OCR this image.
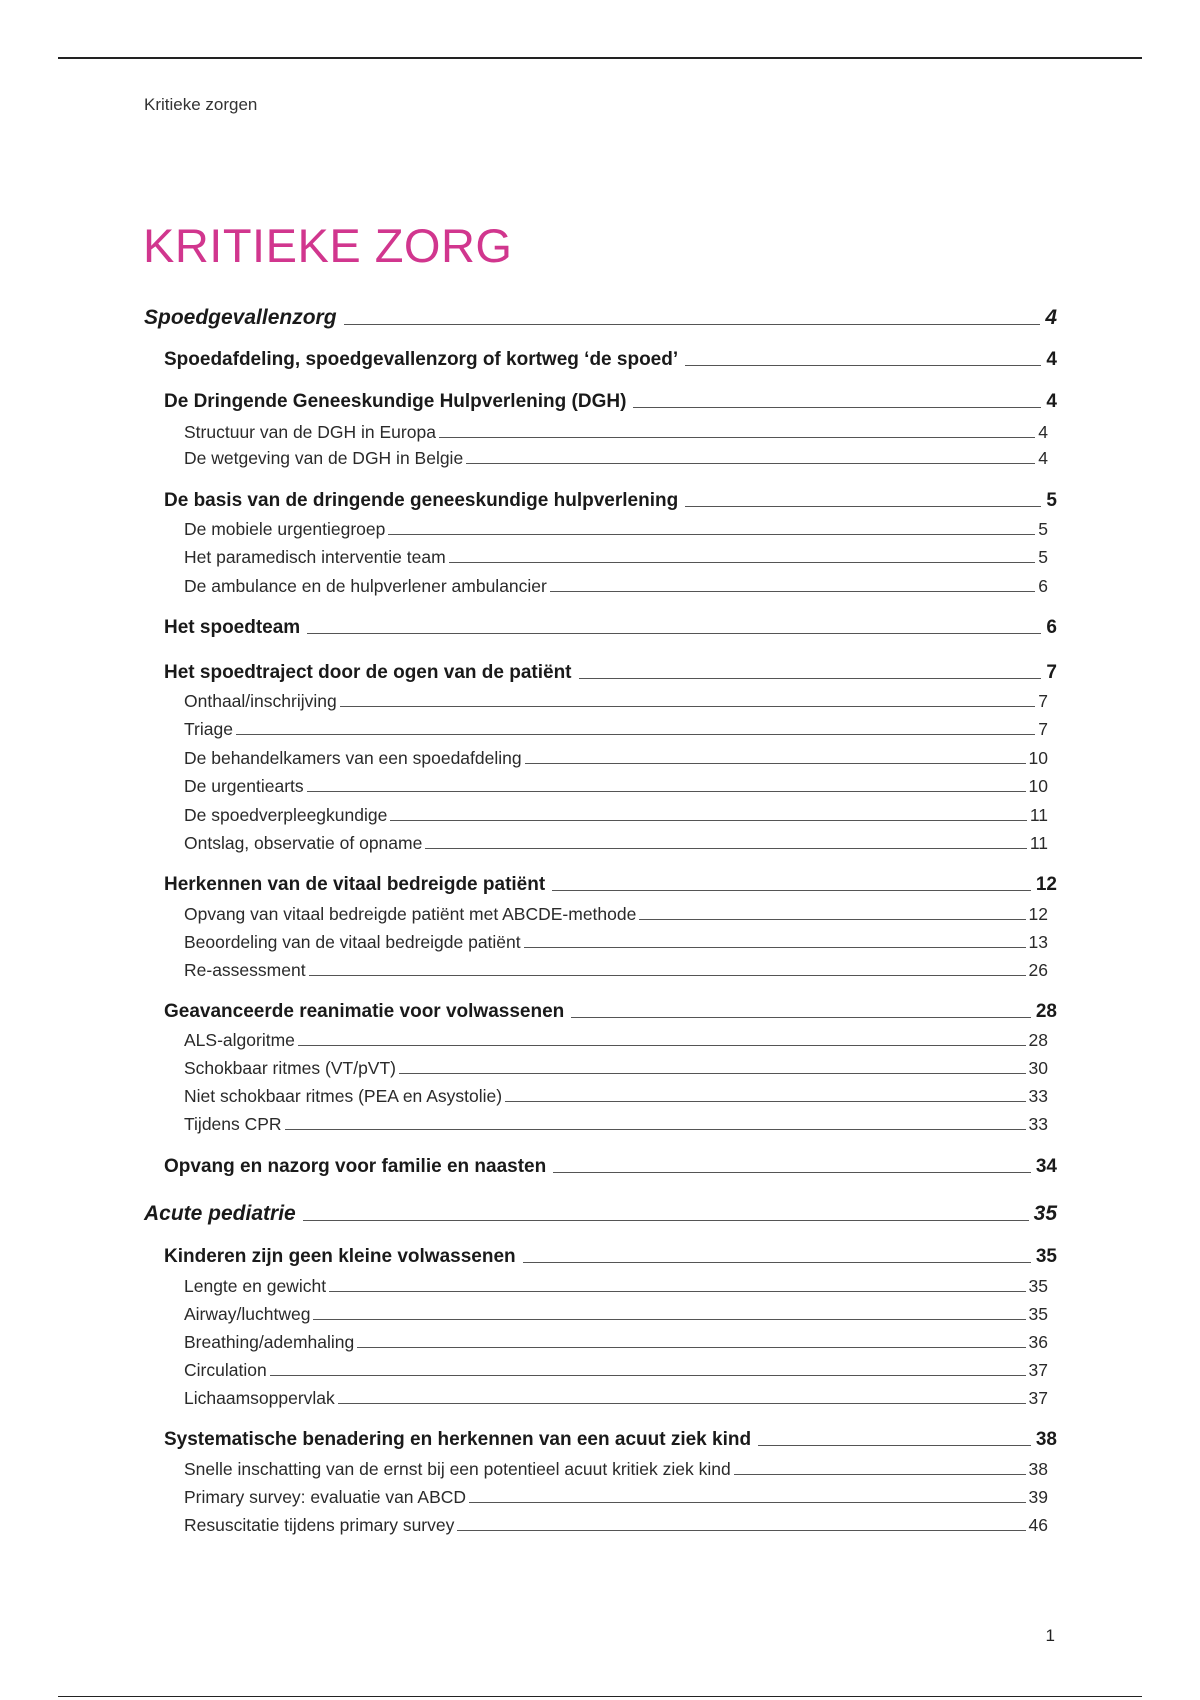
Kritieke zorgen
KRITIEKE ZORG
Spoedgevallenzorg	4
Spoedafdeling, spoedgevallenzorg of kortweg ‘de spoed’	4
De Dringende Geneeskundige Hulpverlening (DGH)	4
Structuur van de DGH in Europa	4
De wetgeving van de DGH in Belgie	4
De basis van de dringende geneeskundige hulpverlening	5
De mobiele urgentiegroep	5
Het paramedisch interventie team	5
De ambulance en de hulpverlener ambulancier	6
Het spoedteam	6
Het spoedtraject door de ogen van de patiënt	7
Onthaal/inschrijving	7
Triage	7
De behandelkamers van een spoedafdeling	10
De urgentiearts	10
De spoedverpleegkundige	11
Ontslag, observatie of opname	11
Herkennen van de vitaal bedreigde patiënt	12
Opvang van vitaal bedreigde patiënt met ABCDE-methode	12
Beoordeling van de vitaal bedreigde patiënt	13
Re-assessment	26
Geavanceerde reanimatie voor volwassenen	28
ALS-algoritme	28
Schokbaar ritmes (VT/pVT)	30
Niet schokbaar ritmes (PEA en Asystolie)	33
Tijdens CPR	33
Opvang en nazorg voor familie en naasten	34
Acute pediatrie	35
Kinderen zijn geen kleine volwassenen	35
Lengte en gewicht	35
Airway/luchtweg	35
Breathing/ademhaling	36
Circulation	37
Lichaamsoppervlak	37
Systematische benadering en herkennen van een acuut ziek kind	38
Snelle inschatting van de ernst bij een potentieel acuut kritiek ziek kind	38
Primary survey: evaluatie van ABCD	39
Resuscitatie tijdens primary survey	46
1
